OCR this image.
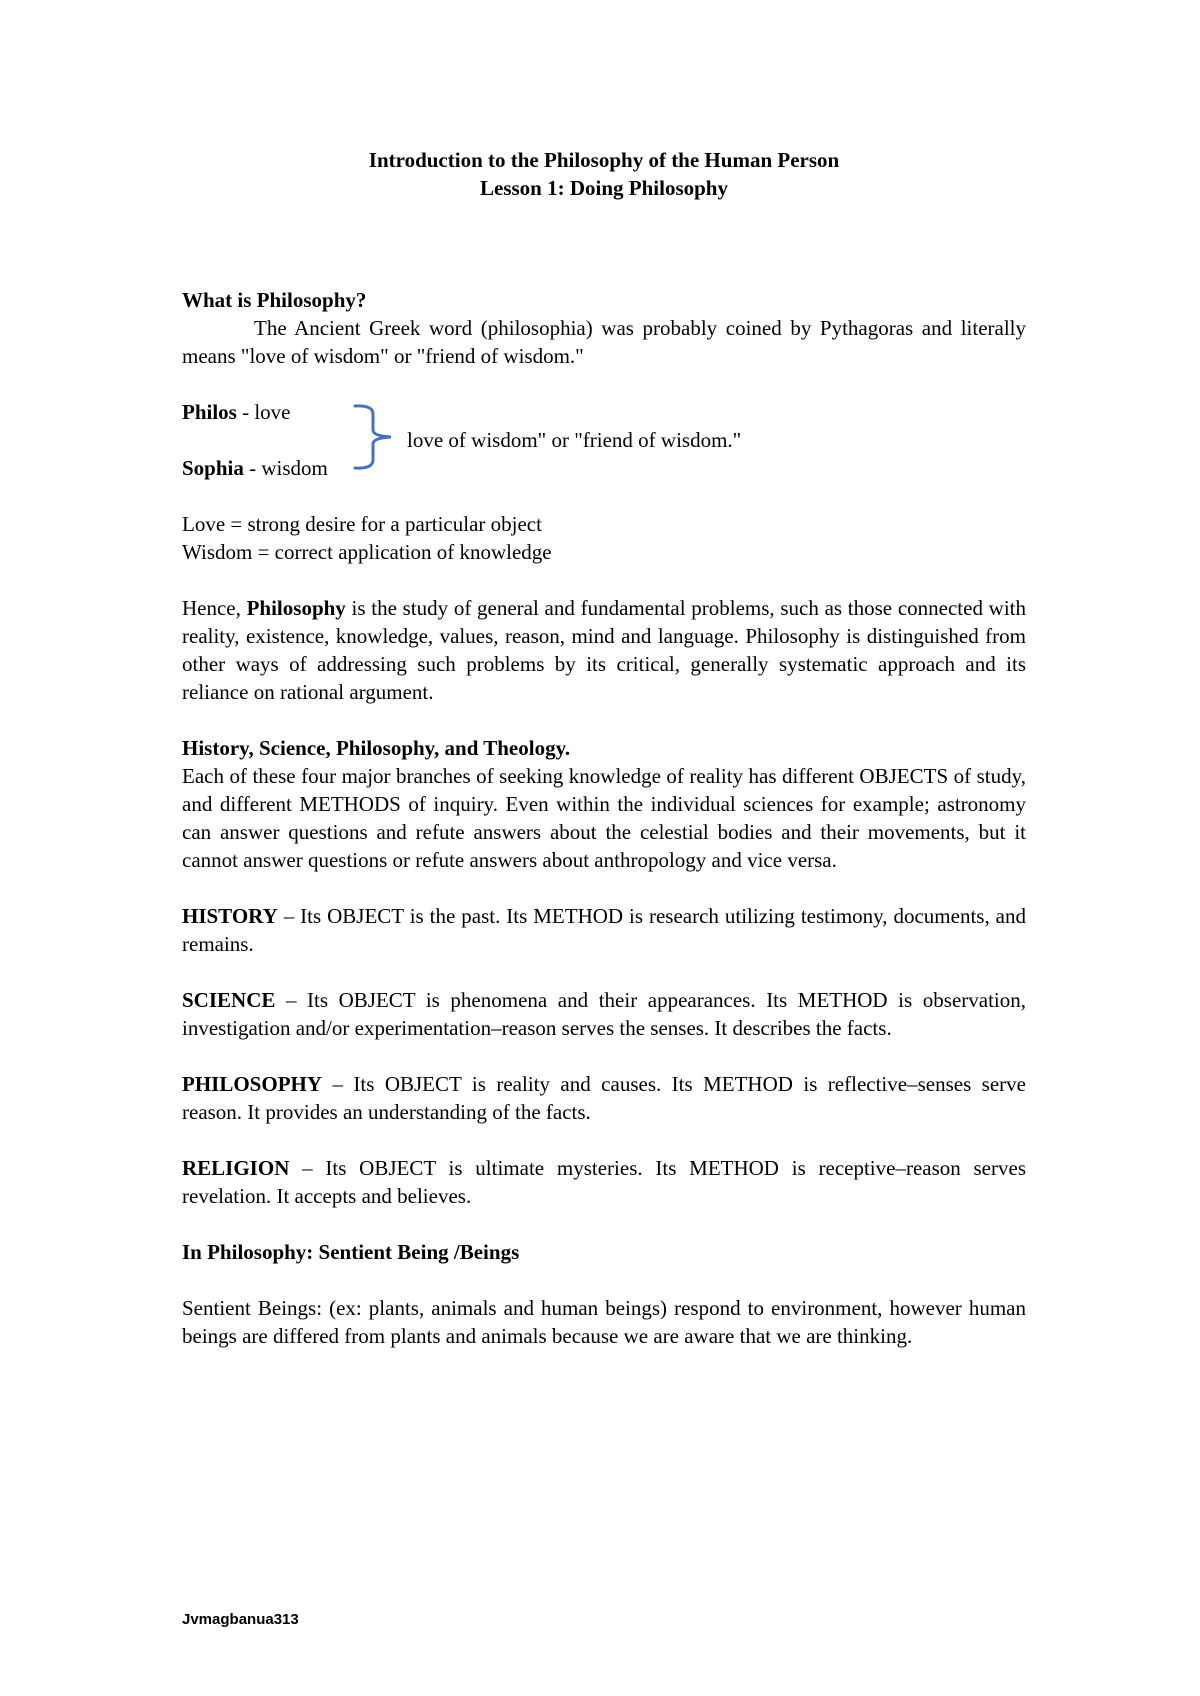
Introduction to the Philosophy of the Human Person

Lesson 1: Doing Philosophy

What is Philosophy?

The Ancient Greek word (philosophia) was probably coined by Pythagoras and literally means "love of wisdom" or "friend of wisdom."

Philos - love
Sophia - wisdom
love of wisdom" or "friend of wisdom."

Love = strong desire for a particular object

Wisdom = correct application of knowledge

Hence, Philosophy is the study of general and fundamental problems, such as those connected with reality, existence, knowledge, values, reason, mind and language. Philosophy is distinguished from other ways of addressing such problems by its critical, generally systematic approach and its reliance on rational argument.

History, Science, Philosophy, and Theology.

Each of these four major branches of seeking knowledge of reality has different OBJECTS of study, and different METHODS of inquiry. Even within the individual sciences for example; astronomy can answer questions and refute answers about the celestial bodies and their movements, but it cannot answer questions or refute answers about anthropology and vice versa.

HISTORY – Its OBJECT is the past. Its METHOD is research utilizing testimony, documents, and remains.

SCIENCE – Its OBJECT is phenomena and their appearances. Its METHOD is observation, investigation and/or experimentation–reason serves the senses. It describes the facts.

PHILOSOPHY – Its OBJECT is reality and causes. Its METHOD is reflective–senses serve reason. It provides an understanding of the facts.

RELIGION – Its OBJECT is ultimate mysteries. Its METHOD is receptive–reason serves revelation. It accepts and believes.

In Philosophy: Sentient Being /Beings

Sentient Beings: (ex: plants, animals and human beings) respond to environment, however human beings are differed from plants and animals because we are aware that we are thinking.

Jvmagbanua313
